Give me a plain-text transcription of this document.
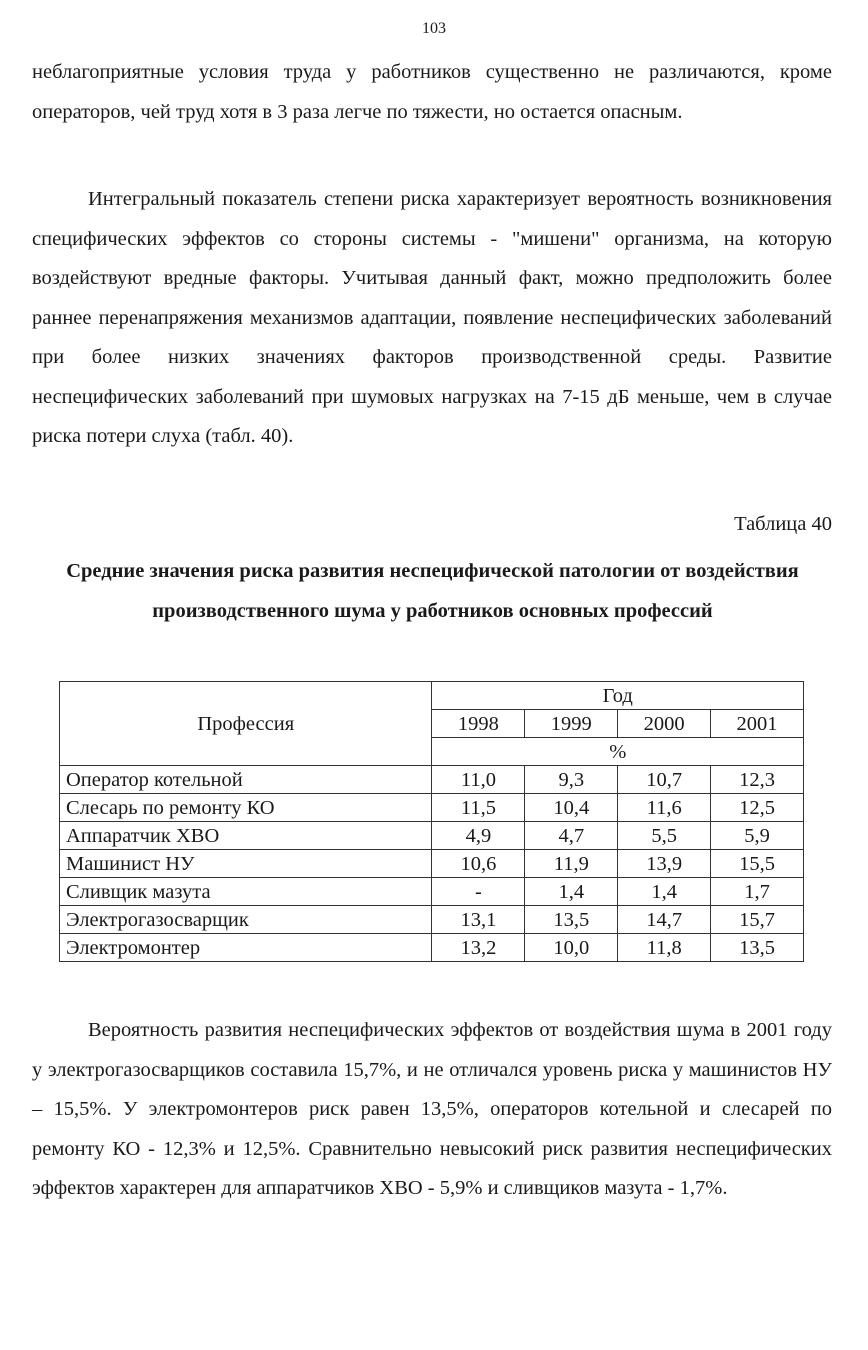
103

неблагоприятные условия труда у работников существенно не различаются, кроме операторов, чей труд хотя в 3 раза легче по тяжести, но остается опасным.

Интегральный показатель степени риска характеризует вероятность возникновения специфических эффектов со стороны системы - "мишени" организма, на которую воздействуют вредные факторы. Учитывая данный факт, можно предположить более раннее перенапряжения механизмов адаптации, появление неспецифических заболеваний при более низких значениях факторов производственной среды. Развитие неспецифических заболеваний при шумовых нагрузках на 7-15 дБ меньше, чем в случае риска потери слуха (табл. 40).

Таблица 40

Средние значения риска развития неспецифической патологии от воздействия производственного шума у работников основных профессий

Профессия	Год			
	1998	1999	2000	2001
	%			
Оператор котельной	11,0	9,3	10,7	12,3
Слесарь по ремонту КО	11,5	10,4	11,6	12,5
Аппаратчик ХВО	4,9	4,7	5,5	5,9
Машинист НУ	10,6	11,9	13,9	15,5
Сливщик мазута	-	1,4	1,4	1,7
Электрогазосварщик	13,1	13,5	14,7	15,7
Электромонтер	13,2	10,0	11,8	13,5

Вероятность развития неспецифических эффектов от воздействия шума в 2001 году у электрогазосварщиков составила 15,7%, и не отличался уровень риска у машинистов НУ – 15,5%. У электромонтеров риск равен 13,5%, операторов котельной и слесарей по ремонту КО - 12,3% и 12,5%. Сравнительно невысокий риск развития неспецифических эффектов характерен для аппаратчиков ХВО - 5,9% и сливщиков мазута - 1,7%.
